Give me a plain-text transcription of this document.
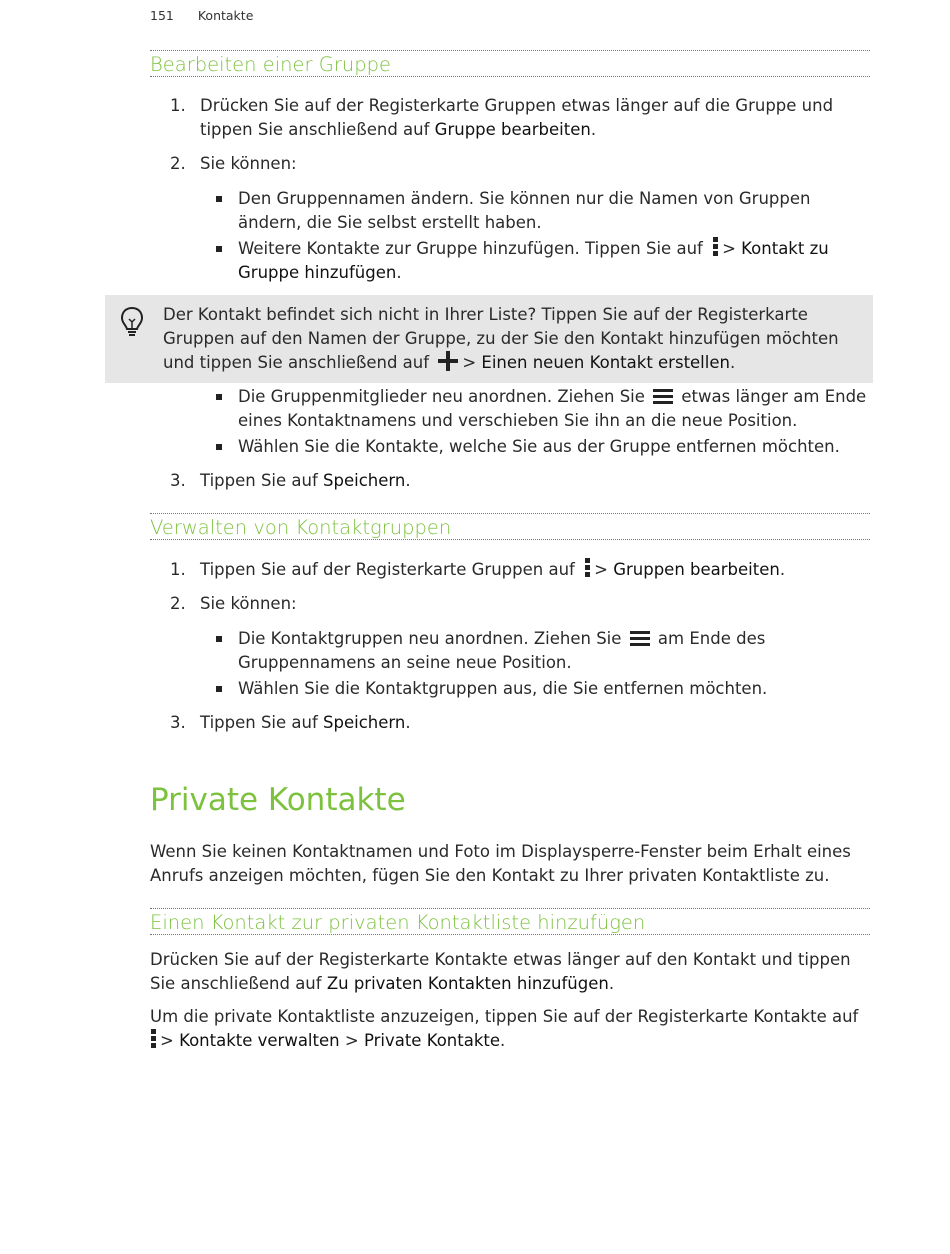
151 Kontakte
Bearbeiten einer Gruppe
1. Drücken Sie auf der Registerkarte Gruppen etwas länger auf die Gruppe und tippen Sie anschließend auf Gruppe bearbeiten.
2. Sie können:
Den Gruppennamen ändern. Sie können nur die Namen von Gruppen ändern, die Sie selbst erstellt haben.
Weitere Kontakte zur Gruppe hinzufügen. Tippen Sie auf
> Kontakt zu Gruppe hinzufügen.
Der Kontakt befindet sich nicht in Ihrer Liste? Tippen Sie auf der Registerkarte Gruppen auf den Namen der Gruppe, zu der Sie den Kontakt hinzufügen möchten und tippen Sie anschließend auf
> Einen neuen Kontakt erstellen.
Die Gruppenmitglieder neu anordnen. Ziehen Sie
etwas länger am Ende eines Kontaktnamens und verschieben Sie ihn an die neue Position.
Wählen Sie die Kontakte, welche Sie aus der Gruppe entfernen möchten.
3. Tippen Sie auf Speichern.
Verwalten von Kontaktgruppen
1. Tippen Sie auf der Registerkarte Gruppen auf
> Gruppen bearbeiten.
2. Sie können:
Die Kontaktgruppen neu anordnen. Ziehen Sie
am Ende des Gruppennamens an seine neue Position.
Wählen Sie die Kontaktgruppen aus, die Sie entfernen möchten.
3. Tippen Sie auf Speichern.
Private Kontakte
Wenn Sie keinen Kontaktnamen und Foto im Displaysperre-Fenster beim Erhalt eines Anrufs anzeigen möchten, fügen Sie den Kontakt zu Ihrer privaten Kontaktliste zu.
Einen Kontakt zur privaten Kontaktliste hinzufügen
Drücken Sie auf der Registerkarte Kontakte etwas länger auf den Kontakt und tippen Sie anschließend auf Zu privaten Kontakten hinzufügen.
Um die private Kontaktliste anzuzeigen, tippen Sie auf der Registerkarte Kontakte auf

> Kontakte verwalten > Private Kontakte.
